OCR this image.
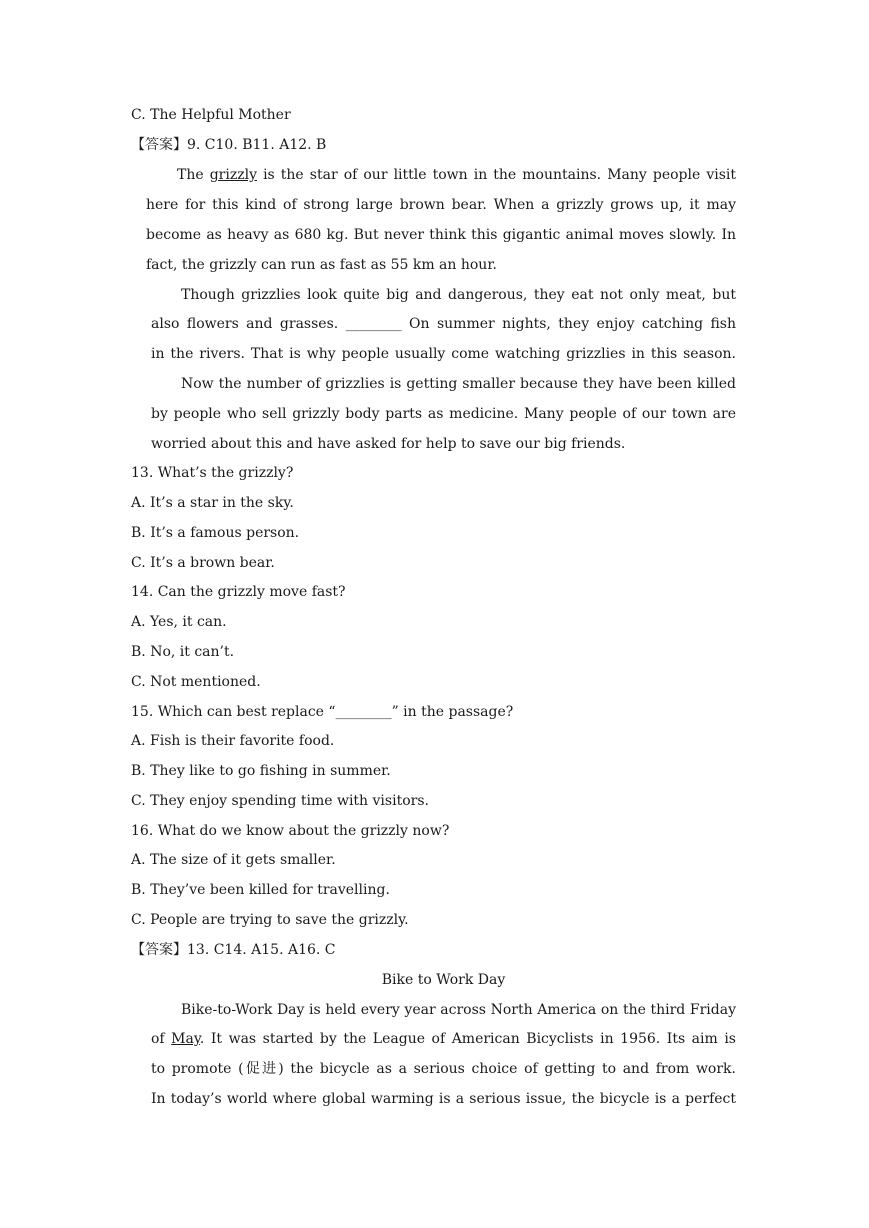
C. The Helpful Mother
【答案】9. C10. B11. A12. B
The grizzly is the star of our little town in the mountains. Many people visit
here for this kind of strong large brown bear. When a grizzly grows up, it may
become as heavy as 680 kg. But never think this gigantic animal moves slowly. In
fact, the grizzly can run as fast as 55 km an hour.
Though grizzlies look quite big and dangerous, they eat not only meat, but
also flowers and grasses. ________ On summer nights, they enjoy catching fish
in the rivers. That is why people usually come watching grizzlies in this season.
Now the number of grizzlies is getting smaller because they have been killed
by people who sell grizzly body parts as medicine. Many people of our town are
worried about this and have asked for help to save our big friends.
13. What’s the grizzly?
A. It’s a star in the sky.
B. It’s a famous person.
C. It’s a brown bear.
14. Can the grizzly move fast?
A. Yes, it can.
B. No, it can’t.
C. Not mentioned.
15. Which can best replace “________” in the passage?
A. Fish is their favorite food.
B. They like to go fishing in summer.
C. They enjoy spending time with visitors.
16. What do we know about the grizzly now?
A. The size of it gets smaller.
B. They’ve been killed for travelling.
C. People are trying to save the grizzly.
【答案】13. C14. A15. A16. C
Bike to Work Day
Bike-to-Work Day is held every year across North America on the third Friday
of May. It was started by the League of American Bicyclists in 1956. Its aim is
to promote (促进) the bicycle as a serious choice of getting to and from work.
In today’s world where global warming is a serious issue, the bicycle is a perfect
